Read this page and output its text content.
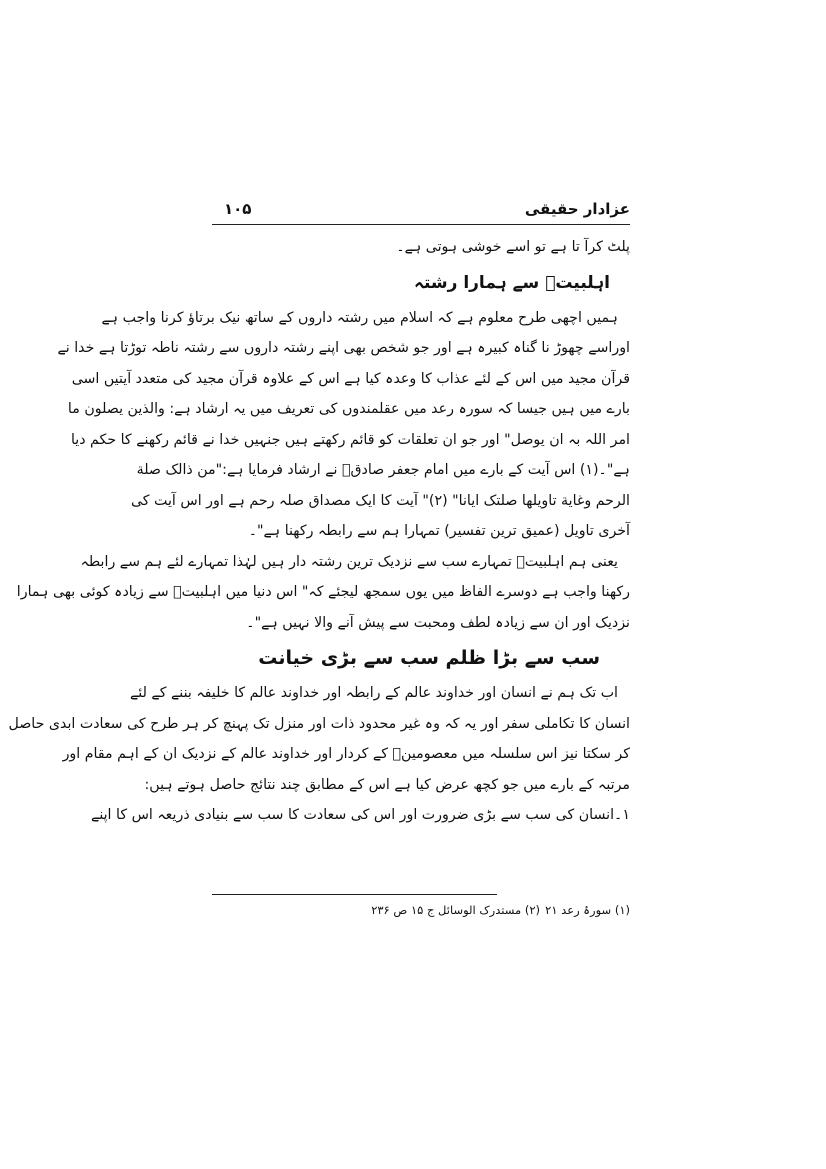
عزادار حقیقی
۱۰۵
پلٹ کرآ تا ہے تو اسے خوشی ہوتی ہے۔
اہلبیتؑ سے ہمارا رشتہ
ہمیں اچھی طرح معلوم ہے کہ اسلام میں رشتہ داروں کے ساتھ نیک برتاؤ کرنا واجب ہے
اوراسے چھوڑ نا گناہ کبیرہ ہے اور جو شخص بھی اپنے رشتہ داروں سے رشتہ ناطہ توڑتا ہے خدا نے
قرآن مجید میں اس کے لئے عذاب کا وعدہ کیا ہے اس کے علاوہ قرآن مجید کی متعدد آیتیں اسی
بارے میں ہیں جیسا کہ سورہ رعد میں عقلمندوں کی تعریف میں یہ ارشاد ہے: والذین یصلون ما
امر اللہ بہ ان یوصل" اور جو ان تعلقات کو قائم رکھتے ہیں جنہیں خدا نے قائم رکھنے کا حکم دیا
ہے"۔(۱) اس آیت کے بارے میں امام جعفر صادقؑ نے ارشاد فرمایا ہے:"من ذالک صلة
الرحم وغایة تاویلها صلتک ایانا" (۲)" آیت کا ایک مصداق صلہ رحم ہے اور اس آیت کی
آخری تاویل (عمیق ترین تفسیر) تمہارا ہم سے رابطہ رکھنا ہے"۔
یعنی ہم اہلبیتؑ تمہارے سب سے نزدیک ترین رشتہ دار ہیں لہٰذا تمہارے لئے ہم سے رابطہ
رکھنا واجب ہے دوسرے الفاظ میں یوں سمجھ لیجئے کہ" اس دنیا میں اہلبیتؑ سے زیادہ کوئی بھی ہمارا
نزدیک اور ان سے زیادہ لطف ومحبت سے پیش آنے والا نہیں ہے"۔
سب سے بڑا ظلم سب سے بڑی خیانت
اب تک ہم نے انسان اور خداوند عالم کے رابطہ اور خداوند عالم کا خلیفہ بننے کے لئے
انسان کا تکاملی سفر اور یہ کہ وہ غیر محدود ذات اور منزل تک پہنچ کر ہر طرح کی سعادت ابدی حاصل
کر سکتا نیز اس سلسلہ میں معصومینؑ کے کردار اور خداوند عالم کے نزدیک ان کے اہم مقام اور
مرتبہ کے بارے میں جو کچھ عرض کیا ہے اس کے مطابق چند نتائج حاصل ہوتے ہیں:
۱۔انسان کی سب سے بڑی ضرورت اور اس کی سعادت کا سب سے بنیادی ذریعہ اس کا اپنے
(۱) سورۂ رعد ۲۱
(۲) مستدرک الوسائل ج ۱۵ ص ۲۳۶
